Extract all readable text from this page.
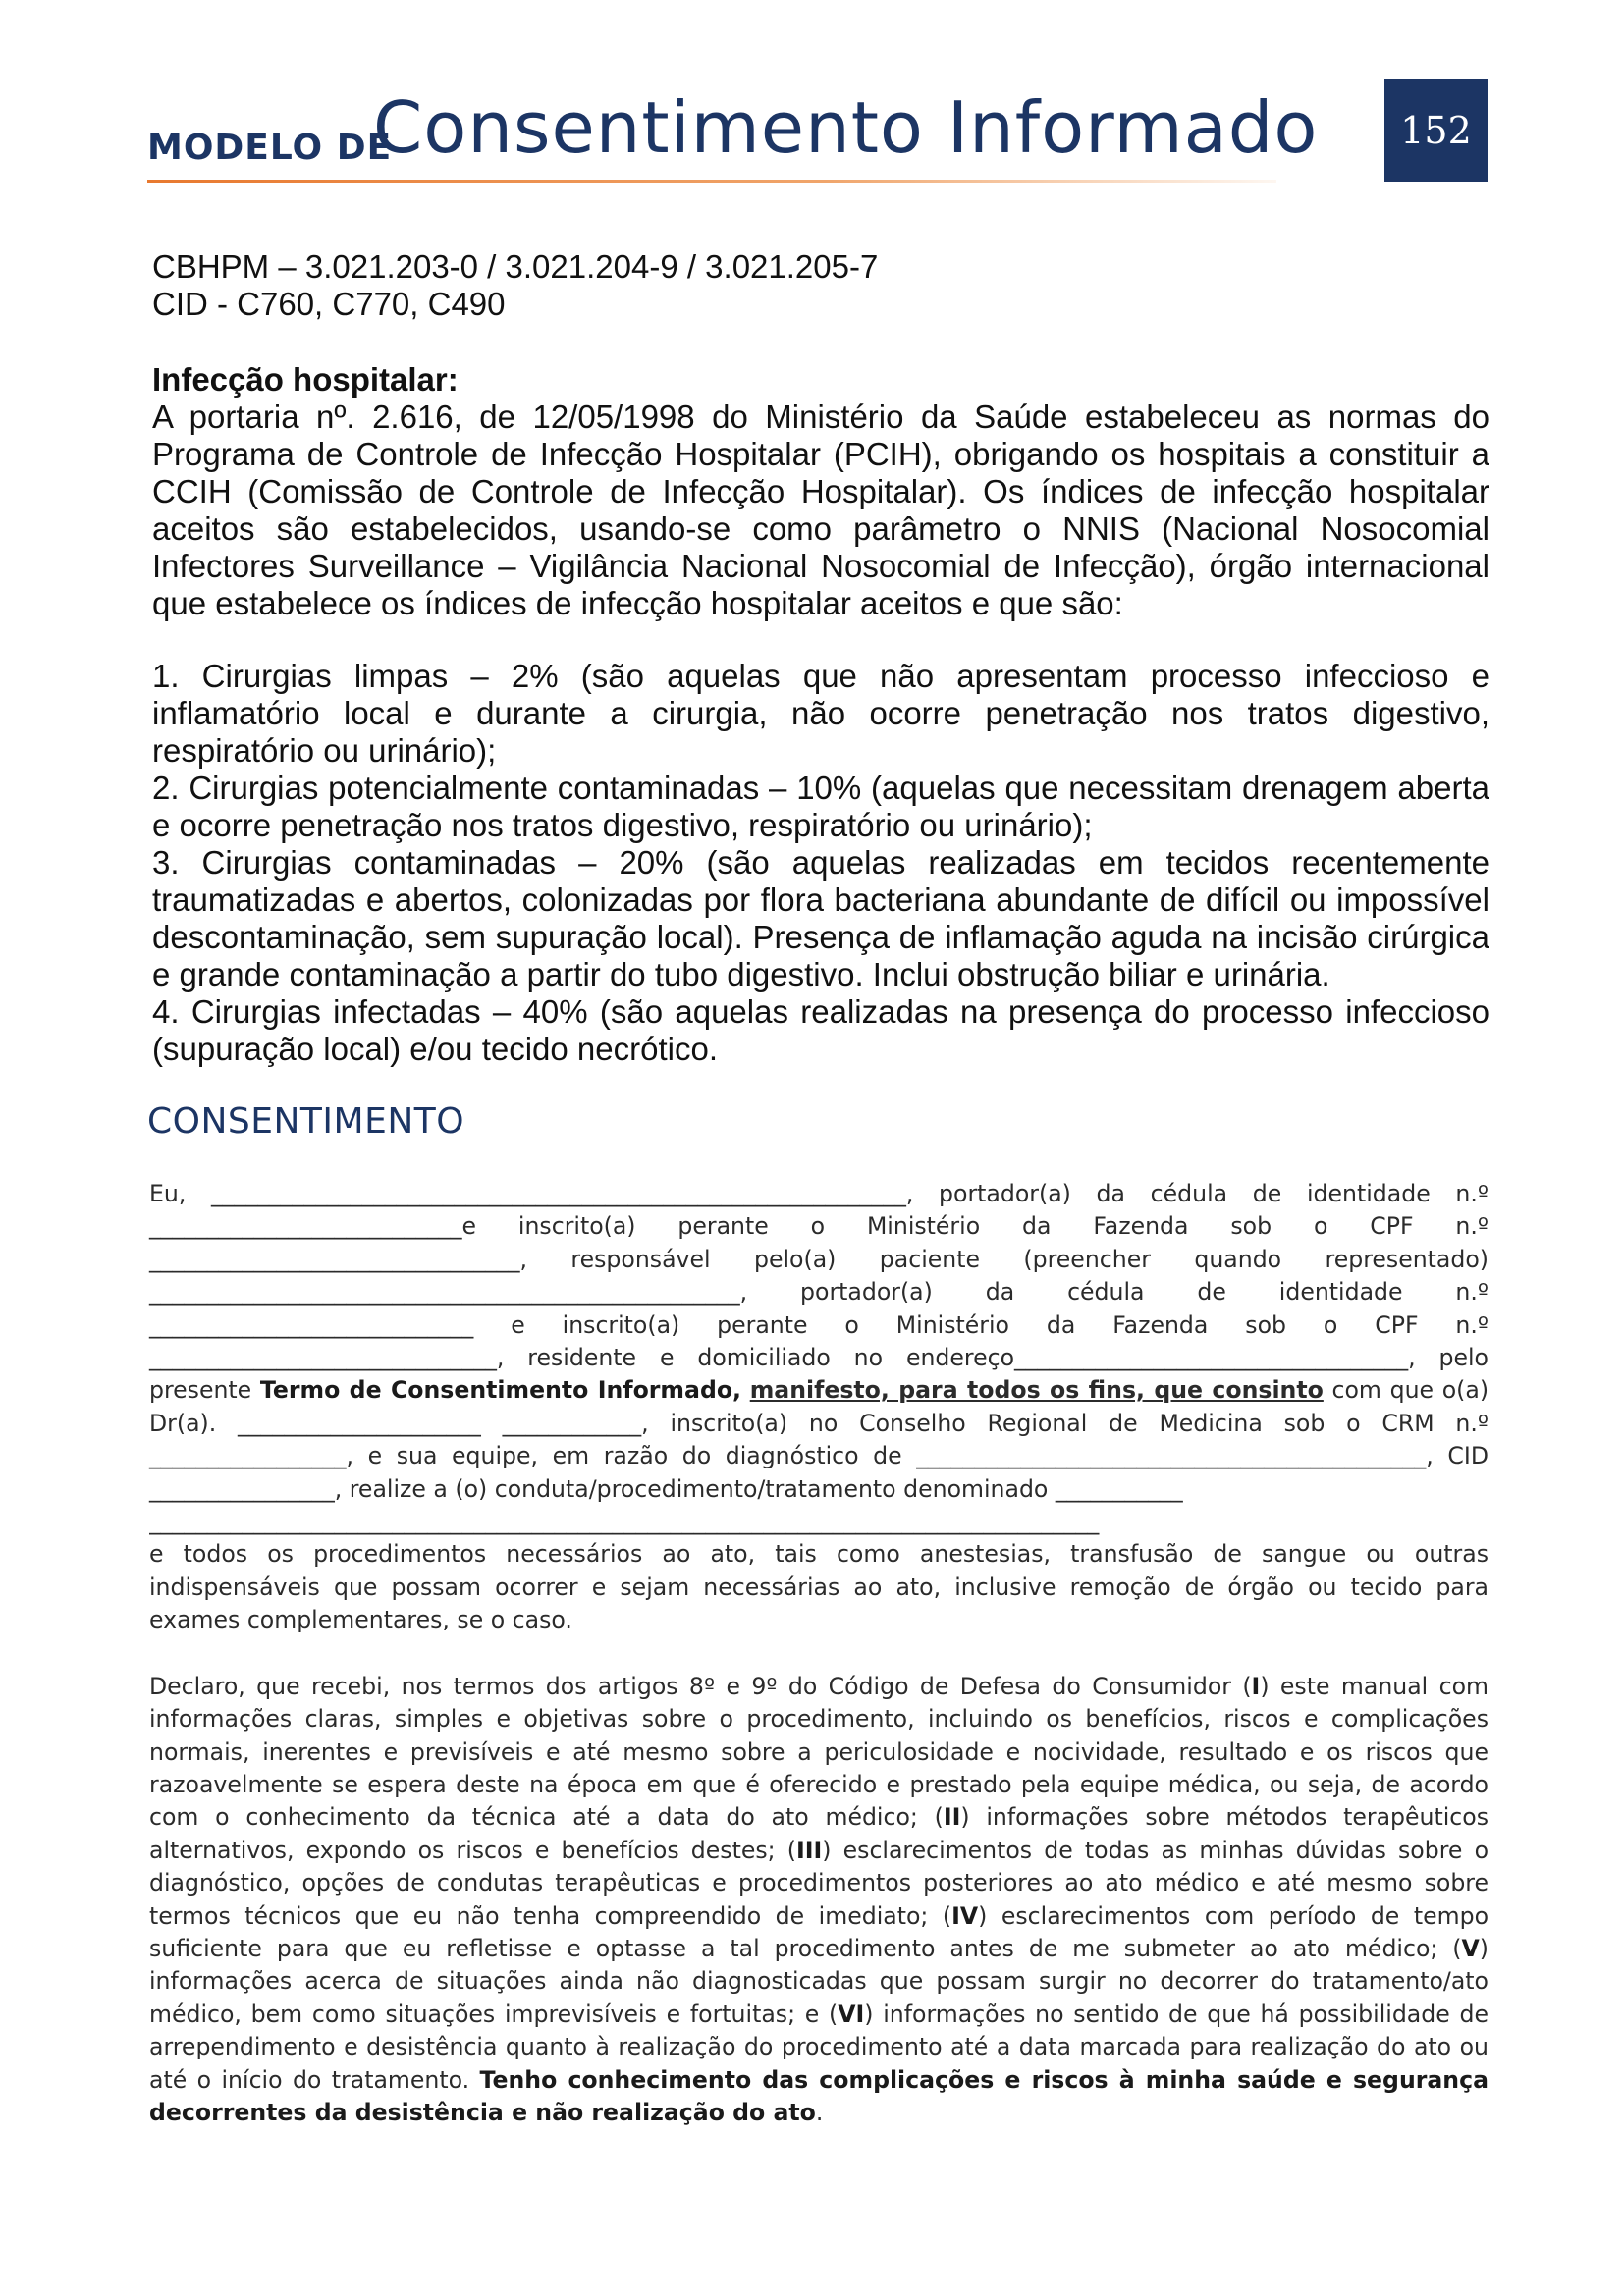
MODELO DE
Consentimento Informado	152
CBHPM – 3.021.203-0 / 3.021.204-9 / 3.021.205-7
CID - C760, C770, C490
Infecção hospitalar:

A portaria nº. 2.616, de 12/05/1998 do Ministério da Saúde estabeleceu as normas do Programa de Controle de Infecção Hospitalar (PCIH), obrigando os hospitais a constituir a CCIH (Comissão de Controle de Infecção Hospitalar). Os índices de infecção hospitalar aceitos são estabelecidos, usando-se como parâmetro o NNIS (Nacional Nosocomial Infectores Surveillance – Vigilância Nacional Nosocomial de Infecção), órgão internacional que estabelece os índices de infecção hospitalar aceitos e que são:

1. Cirurgias limpas – 2% (são aquelas que não apresentam processo infeccioso e inflamatório local e durante a cirurgia, não ocorre penetração nos tratos digestivo, respiratório ou urinário);

2. Cirurgias potencialmente contaminadas – 10% (aquelas que necessitam drenagem aberta e ocorre penetração nos tratos digestivo, respiratório ou urinário);

3. Cirurgias contaminadas – 20% (são aquelas realizadas em tecidos recentemente traumatizadas e abertos, colonizadas por flora bacteriana abundante de difícil ou impossível descontaminação, sem supuração local). Presença de inflamação aguda na incisão cirúrgica e grande contaminação a partir do tubo digestivo. Inclui obstrução biliar e urinária.

4. Cirurgias infectadas – 40% (são aquelas realizadas na presença do processo infeccioso (supuração local) e/ou tecido necrótico.

CONSENTIMENTO

Eu, ____________________________________________________________, portador(a) da cédula de identidade n.º ___________________________e inscrito(a) perante o Ministério da Fazenda sob o CPF n.º ________________________________, responsável pelo(a) paciente (preencher quando representado) ___________________________________________________, portador(a) da cédula de identidade n.º ____________________________ e inscrito(a) perante o Ministério da Fazenda sob o CPF n.º ______________________________, residente e domiciliado no endereço__________________________________, pelo presente Termo de Consentimento Informado, manifesto, para todos os fins, que consinto com que o(a) Dr(a). _____________________ ____________, inscrito(a) no Conselho Regional de Medicina sob o CRM n.º _________________, e sua equipe, em razão do diagnóstico de ____________________________________________, CID ________________, realize a (o) conduta/procedimento/tratamento denominado ___________
__________________________________________________________________________________
e todos os procedimentos necessários ao ato, tais como anestesias, transfusão de sangue ou outras indispensáveis que possam ocorrer e sejam necessárias ao ato, inclusive remoção de órgão ou tecido para exames complementares, se o caso.

Declaro, que recebi, nos termos dos artigos 8º e 9º do Código de Defesa do Consumidor (I) este manual com informações claras, simples e objetivas sobre o procedimento, incluindo os benefícios, riscos e complicações normais, inerentes e previsíveis e até mesmo sobre a periculosidade e nocividade, resultado e os riscos que razoavelmente se espera deste na época em que é oferecido e prestado pela equipe médica, ou seja, de acordo com o conhecimento da técnica até a data do ato médico; (II) informações sobre métodos terapêuticos alternativos, expondo os riscos e benefícios destes; (III) esclarecimentos de todas as minhas dúvidas sobre o diagnóstico, opções de condutas terapêuticas e procedimentos posteriores ao ato médico e até mesmo sobre termos técnicos que eu não tenha compreendido de imediato; (IV) esclarecimentos com período de tempo suficiente para que eu refletisse e optasse a tal procedimento antes de me submeter ao ato médico; (V) informações acerca de situações ainda não diagnosticadas que possam surgir no decorrer do tratamento/ato médico, bem como situações imprevisíveis e fortuitas; e (VI) informações no sentido de que há possibilidade de arrependimento e desistência quanto à realização do procedimento até a data marcada para realização do ato ou até o início do tratamento. Tenho conhecimento das complicações e riscos à minha saúde e segurança decorrentes da desistência e não realização do ato.
